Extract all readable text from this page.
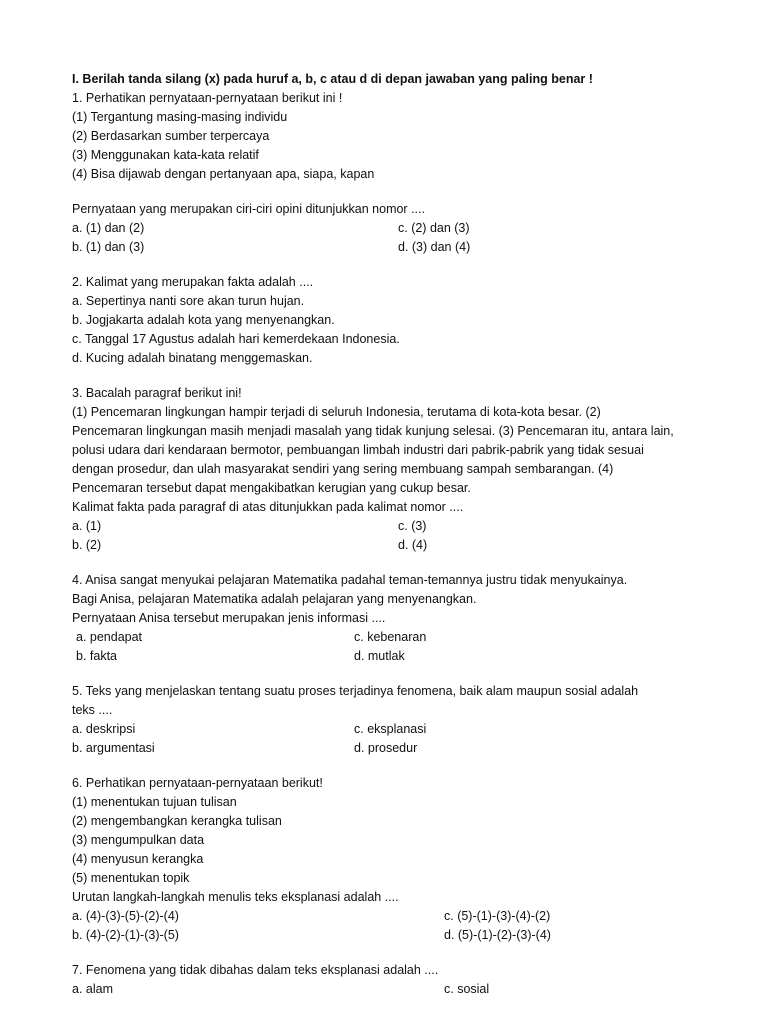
I. Berilah tanda silang (x) pada huruf a, b, c atau d di depan jawaban yang paling benar !
1. Perhatikan pernyataan-pernyataan berikut ini !
(1) Tergantung masing-masing individu
(2) Berdasarkan sumber terpercaya
(3) Menggunakan kata-kata relatif
(4) Bisa dijawab dengan pertanyaan apa, siapa, kapan
Pernyataan yang merupakan ciri-ciri opini ditunjukkan nomor ....
a. (1) dan (2)	c. (2) dan (3)
b. (1) dan (3)	d. (3) dan (4)
2. Kalimat yang merupakan fakta adalah ....
a. Sepertinya nanti sore akan turun hujan.
b. Jogjakarta adalah kota yang menyenangkan.
c. Tanggal 17 Agustus adalah hari kemerdekaan Indonesia.
d. Kucing adalah binatang menggemaskan.
3. Bacalah paragraf berikut ini!
(1) Pencemaran lingkungan hampir terjadi di seluruh Indonesia, terutama di kota-kota besar. (2)
Pencemaran lingkungan masih menjadi masalah yang tidak kunjung selesai. (3) Pencemaran itu, antara lain,
polusi udara dari kendaraan bermotor, pembuangan limbah industri dari pabrik-pabrik yang tidak sesuai
dengan prosedur, dan ulah masyarakat sendiri yang sering membuang sampah sembarangan. (4)
Pencemaran tersebut dapat mengakibatkan kerugian yang cukup besar.
Kalimat fakta pada paragraf di atas ditunjukkan pada kalimat nomor ....
a. (1)	c. (3)
b. (2)	d. (4)
4. Anisa sangat menyukai pelajaran Matematika padahal teman-temannya justru tidak menyukainya.
Bagi Anisa, pelajaran Matematika adalah pelajaran yang menyenangkan.
Pernyataan Anisa tersebut merupakan jenis informasi ....
a. pendapat	c. kebenaran
b. fakta	d. mutlak
5. Teks yang menjelaskan tentang suatu proses terjadinya fenomena, baik alam maupun sosial adalah
teks ....
a. deskripsi	c. eksplanasi
b. argumentasi	d. prosedur
6. Perhatikan pernyataan-pernyataan berikut!
(1) menentukan tujuan tulisan
(2) mengembangkan kerangka tulisan
(3) mengumpulkan data
(4) menyusun kerangka
(5) menentukan topik
Urutan langkah-langkah menulis teks eksplanasi adalah ....
a. (4)-(3)-(5)-(2)-(4)	c. (5)-(1)-(3)-(4)-(2)
b. (4)-(2)-(1)-(3)-(5)	d. (5)-(1)-(2)-(3)-(4)
7. Fenomena yang tidak dibahas dalam teks eksplanasi adalah ....
a. alam	c. sosial
